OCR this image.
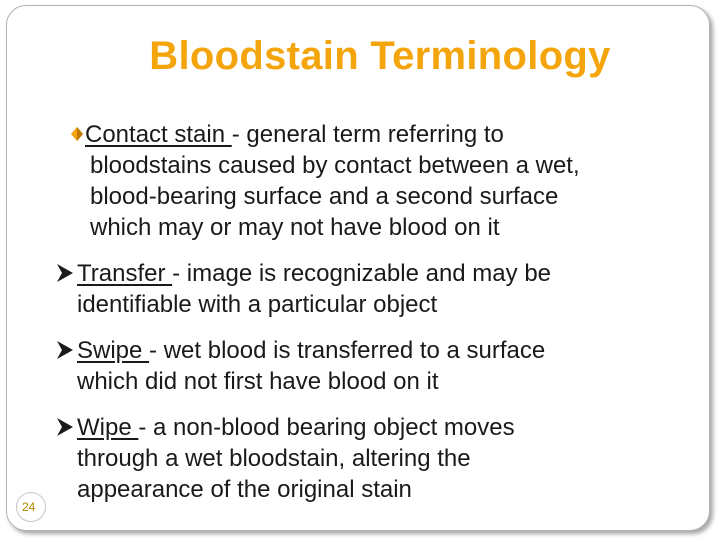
Bloodstain Terminology
Contact stain - general term referring to
bloodstains caused by contact between a wet,
blood-bearing surface and a second surface
which may or may not have blood on it
Transfer - image is recognizable and may be
identifiable with a particular object
Swipe - wet blood is transferred to a surface
which did not first have blood on it
Wipe - a non-blood bearing object moves
through a wet bloodstain, altering the
appearance of the original stain
24
